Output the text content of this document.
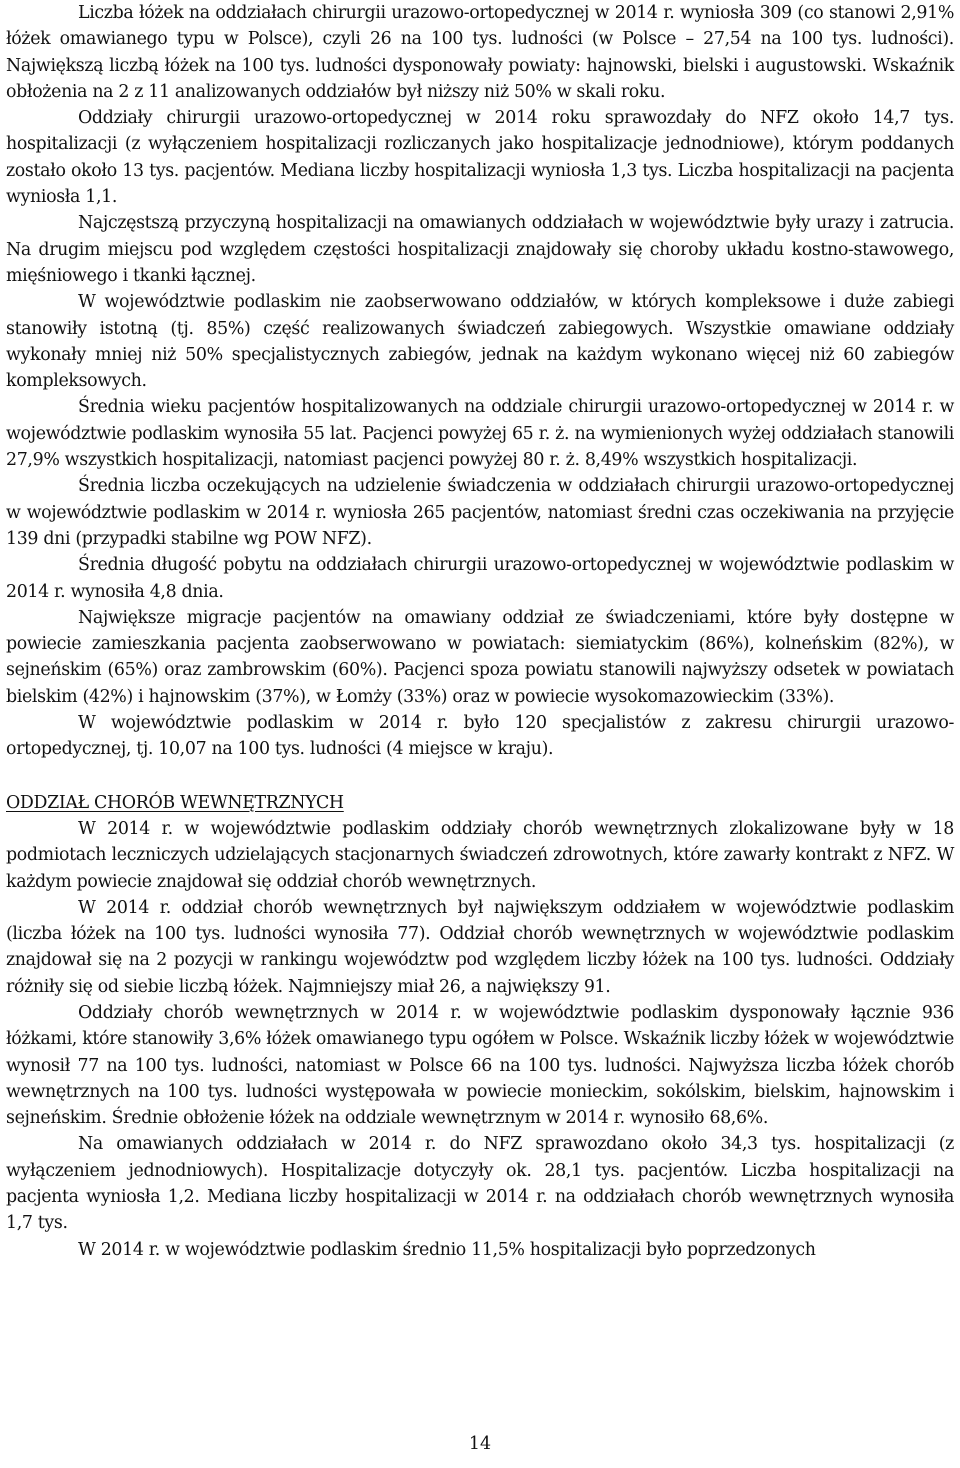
Liczba łóżek na oddziałach chirurgii urazowo-ortopedycznej w 2014 r. wyniosła 309 (co stanowi 2,91% łóżek omawianego typu w Polsce), czyli 26 na 100 tys. ludności (w Polsce – 27,54 na 100 tys. ludności). Największą liczbą łóżek na 100 tys. ludności dysponowały powiaty: hajnowski, bielski i augustowski. Wskaźnik obłożenia na 2 z 11 analizowanych oddziałów był niższy niż 50% w skali roku.

Oddziały chirurgii urazowo-ortopedycznej w 2014 roku sprawozdały do NFZ około 14,7 tys. hospitalizacji (z wyłączeniem hospitalizacji rozliczanych jako hospitalizacje jednodniowe), którym poddanych zostało około 13 tys. pacjentów. Mediana liczby hospitalizacji wyniosła 1,3 tys. Liczba hospitalizacji na pacjenta wyniosła 1,1.

Najczęstszą przyczyną hospitalizacji na omawianych oddziałach w województwie były urazy i zatrucia. Na drugim miejscu pod względem częstości hospitalizacji znajdowały się choroby układu kostno-stawowego, mięśniowego i tkanki łącznej.

W województwie podlaskim nie zaobserwowano oddziałów, w których kompleksowe i duże zabiegi stanowiły istotną (tj. 85%) część realizowanych świadczeń zabiegowych. Wszystkie omawiane oddziały wykonały mniej niż 50% specjalistycznych zabiegów, jednak na każdym wykonano więcej niż 60 zabiegów kompleksowych.

Średnia wieku pacjentów hospitalizowanych na oddziale chirurgii urazowo-ortopedycznej w 2014 r. w województwie podlaskim wynosiła 55 lat. Pacjenci powyżej 65 r. ż. na wymienionych wyżej oddziałach stanowili 27,9% wszystkich hospitalizacji, natomiast pacjenci powyżej 80 r. ż. 8,49% wszystkich hospitalizacji.

Średnia liczba oczekujących na udzielenie świadczenia w oddziałach chirurgii urazowo-ortopedycznej w województwie podlaskim w 2014 r. wyniosła 265 pacjentów, natomiast średni czas oczekiwania na przyjęcie 139 dni (przypadki stabilne wg POW NFZ).

Średnia długość pobytu na oddziałach chirurgii urazowo-ortopedycznej w województwie podlaskim w 2014 r. wynosiła 4,8 dnia.

Największe migracje pacjentów na omawiany oddział ze świadczeniami, które były dostępne w powiecie zamieszkania pacjenta zaobserwowano w powiatach: siemiatyckim (86%), kolneńskim (82%), w sejneńskim (65%) oraz zambrowskim (60%). Pacjenci spoza powiatu stanowili najwyższy odsetek w powiatach bielskim (42%) i hajnowskim (37%), w Łomży (33%) oraz w powiecie wysokomazowieckim (33%).

W województwie podlaskim w 2014 r. było 120 specjalistów z zakresu chirurgii urazowo-ortopedycznej, tj. 10,07 na 100 tys. ludności (4 miejsce w kraju).

ODDZIAŁ CHORÓB WEWNĘTRZNYCH

W 2014 r. w województwie podlaskim oddziały chorób wewnętrznych zlokalizowane były w 18 podmiotach leczniczych udzielających stacjonarnych świadczeń zdrowotnych, które zawarły kontrakt z NFZ. W każdym powiecie znajdował się oddział chorób wewnętrznych.

W 2014 r. oddział chorób wewnętrznych był największym oddziałem w województwie podlaskim (liczba łóżek na 100 tys. ludności wynosiła 77). Oddział chorób wewnętrznych w województwie podlaskim znajdował się na 2 pozycji w rankingu województw pod względem liczby łóżek na 100 tys. ludności. Oddziały różniły się od siebie liczbą łóżek. Najmniejszy miał 26, a największy 91.

Oddziały chorób wewnętrznych w 2014 r. w województwie podlaskim dysponowały łącznie 936 łóżkami, które stanowiły 3,6% łóżek omawianego typu ogółem w Polsce. Wskaźnik liczby łóżek w województwie wynosił 77 na 100 tys. ludności, natomiast w Polsce 66 na 100 tys. ludności. Najwyższa liczba łóżek chorób wewnętrznych na 100 tys. ludności występowała w powiecie monieckim, sokólskim, bielskim, hajnowskim i sejneńskim. Średnie obłożenie łóżek na oddziale wewnętrznym w 2014 r. wynosiło 68,6%.

Na omawianych oddziałach w 2014 r. do NFZ sprawozdano około 34,3 tys. hospitalizacji (z wyłączeniem jednodniowych). Hospitalizacje dotyczyły ok. 28,1 tys. pacjentów. Liczba hospitalizacji na pacjenta wyniosła 1,2. Mediana liczby hospitalizacji w 2014 r. na oddziałach chorób wewnętrznych wynosiła 1,7 tys.

W 2014 r. w województwie podlaskim średnio 11,5% hospitalizacji było poprzedzonych

14
